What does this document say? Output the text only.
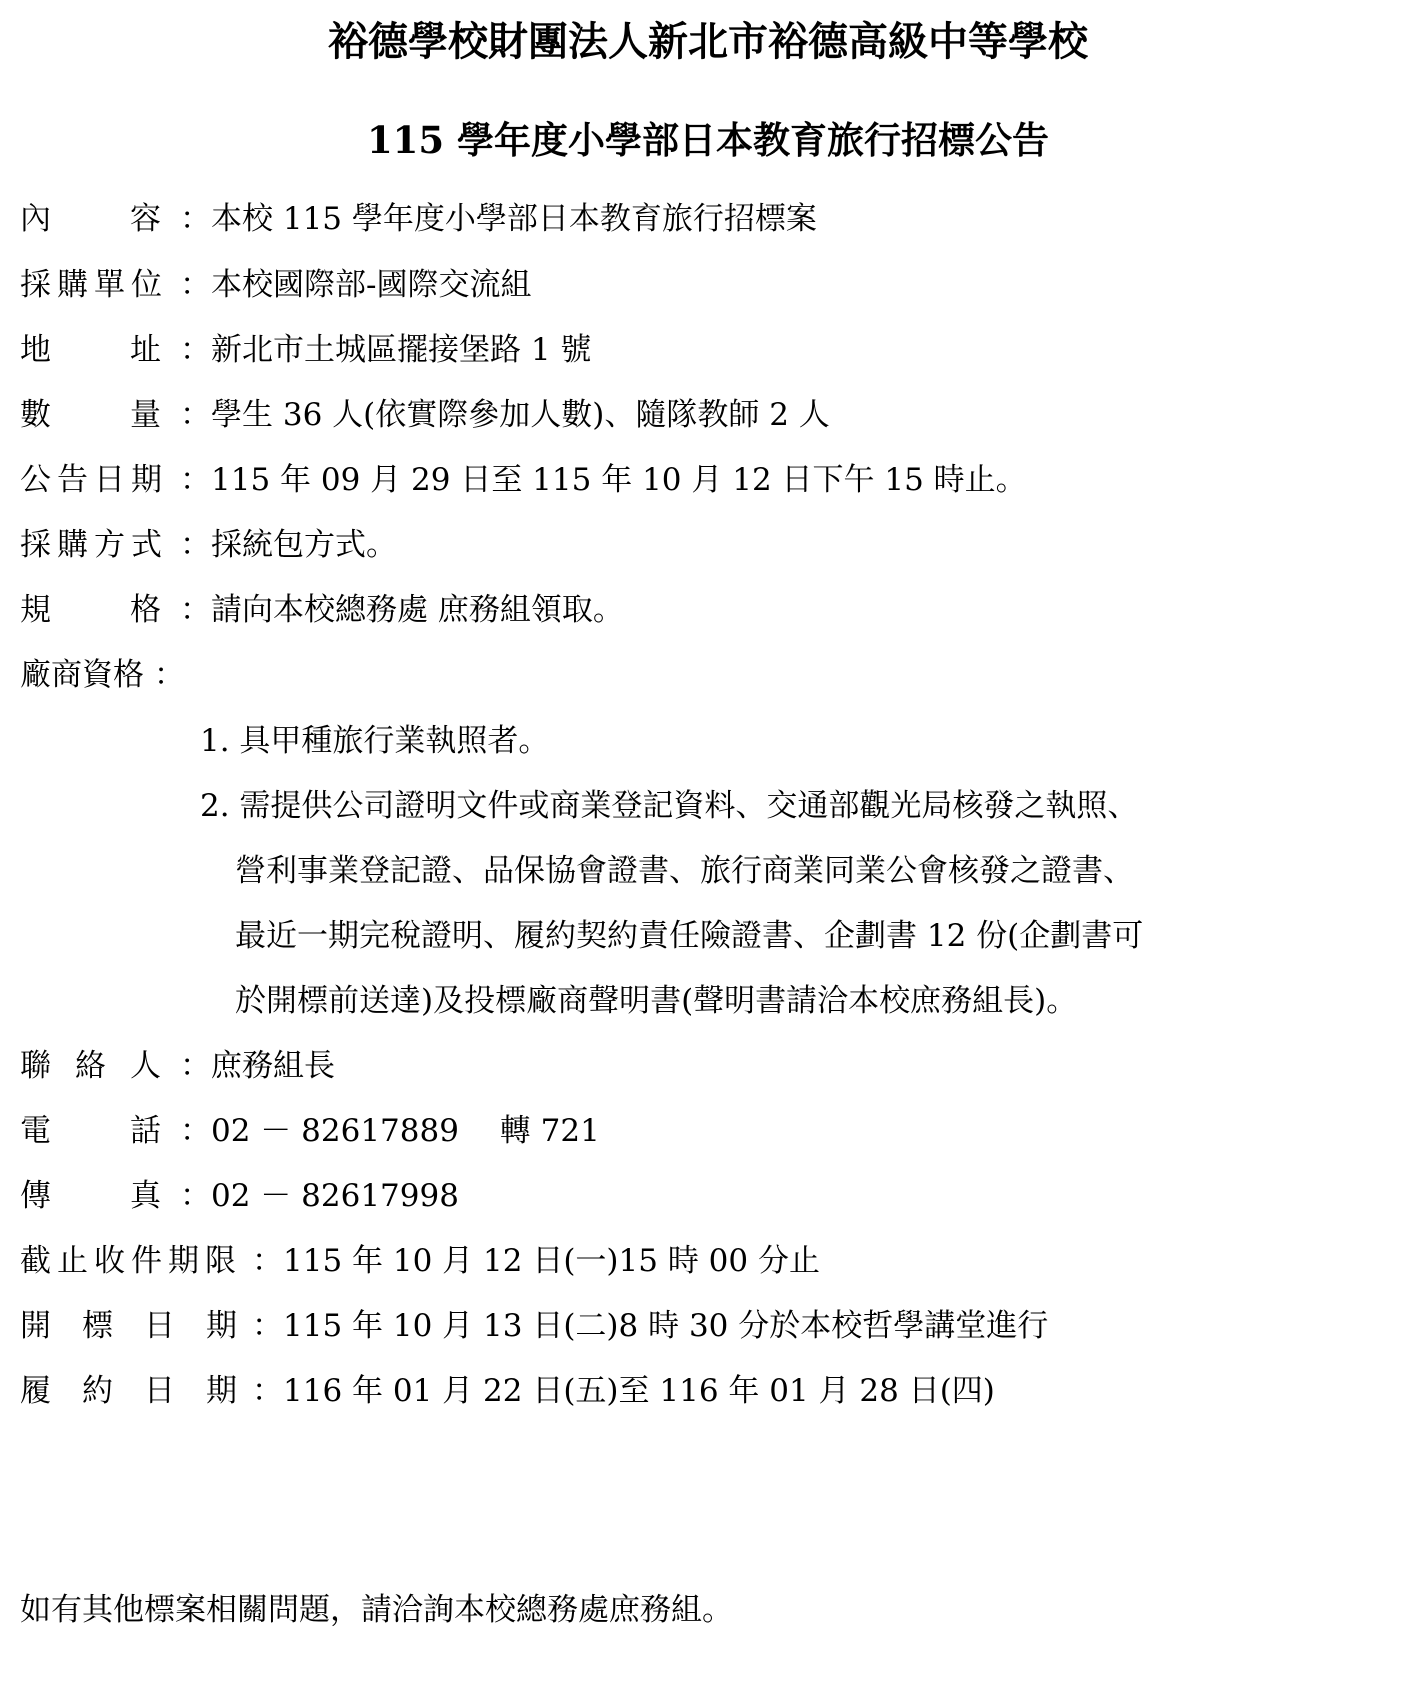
裕德學校財團法人新北市裕德高級中等學校
115 學年度小學部日本教育旅行招標公告
內	容 ：本校 115 學年度小學部日本教育旅行招標案
採 購 單 位 ：本校國際部-國際交流組
地	址 ：新北市土城區擺接堡路 1 號
數	量 ：學生 36 人(依實際參加人數)、隨隊教師 2 人
公 告 日 期 ：115 年 09 月 29 日至 115 年 10 月 12 日下午 15 時止。
採 購 方 式 ：採統包方式。
規	格 ：請向本校總務處 庶務組領取。
廠商資格 ：
1. 具甲種旅行業執照者。
2. 需提供公司證明文件或商業登記資料、交通部觀光局核發之執照、
營利事業登記證、品保協會證書、旅行商業同業公會核發之證書、
最近一期完稅證明、履約契約責任險證書、企劃書 12 份(企劃書可
於開標前送達)及投標廠商聲明書(聲明書請洽本校庶務組長)。
聯 絡 人 ：庶務組長
電	話 ：02 － 82617889　 轉 721
傳	真 ：02 － 82617998
截 止 收 件 期 限 ：115 年 10 月 12 日(一)15 時 00 分止
開 標 日 期 ：115 年 10 月 13 日(二)8 時 30 分於本校哲學講堂進行
履 約 日 期 ：116 年 01 月 22 日(五)至 116 年 01 月 28 日(四)
如有其他標案相關問題，請洽詢本校總務處庶務組。
